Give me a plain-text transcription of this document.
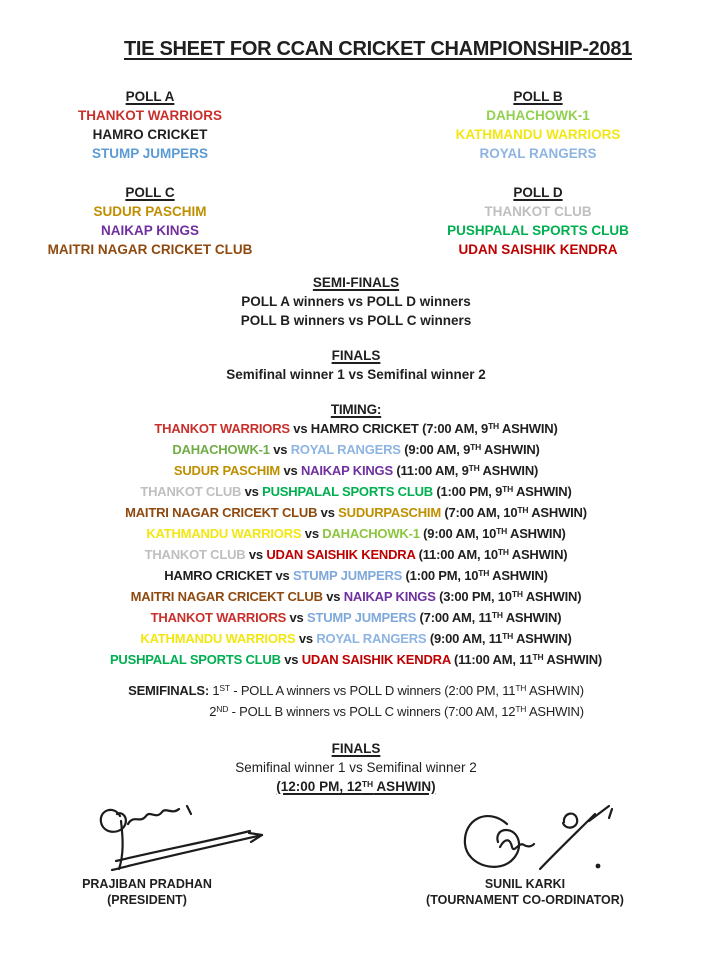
TIE SHEET FOR CCAN CRICKET CHAMPIONSHIP-2081
POLL A
THANKOT WARRIORS
HAMRO CRICKET
STUMP JUMPERS
POLL B
DAHACHOWK-1
KATHMANDU WARRIORS
ROYAL RANGERS
POLL C
SUDUR PASCHIM
NAIKAP KINGS
MAITRI NAGAR CRICKET CLUB
POLL D
THANKOT CLUB
PUSHPALAL SPORTS CLUB
UDAN SAISHIK KENDRA
SEMI-FINALS
POLL A winners vs POLL D winners
POLL B winners vs POLL C winners
FINALS
Semifinal winner 1 vs Semifinal winner 2
TIMING:
THANKOT WARRIORS vs HAMRO CRICKET (7:00 AM, 9TH ASHWIN)
DAHACHOWK-1 vs ROYAL RANGERS (9:00 AM, 9TH ASHWIN)
SUDUR PASCHIM vs NAIKAP KINGS (11:00 AM, 9TH ASHWIN)
THANKOT CLUB vs PUSHPALAL SPORTS CLUB (1:00 PM, 9TH ASHWIN)
MAITRI NAGAR CRICEKT CLUB vs SUDURPASCHIM (7:00 AM, 10TH ASHWIN)
KATHMANDU WARRIORS vs DAHACHOWK-1 (9:00 AM, 10TH ASHWIN)
THANKOT CLUB vs UDAN SAISHIK KENDRA (11:00 AM, 10TH ASHWIN)
HAMRO CRICKET vs STUMP JUMPERS (1:00 PM, 10TH ASHWIN)
MAITRI NAGAR CRICEKT CLUB vs NAIKAP KINGS (3:00 PM, 10TH ASHWIN)
THANKOT WARRIORS vs STUMP JUMPERS (7:00 AM, 11TH ASHWIN)
KATHMANDU WARRIORS vs ROYAL RANGERS (9:00 AM, 11TH ASHWIN)
PUSHPALAL SPORTS CLUB vs UDAN SAISHIK KENDRA (11:00 AM, 11TH ASHWIN)
SEMIFINALS: 1ST - POLL A winners vs POLL D winners (2:00 PM, 11TH ASHWIN)
2ND - POLL B winners vs POLL C winners (7:00 AM, 12TH ASHWIN)
FINALS
Semifinal winner 1 vs Semifinal winner 2
(12:00 PM, 12TH ASHWIN)
PRAJIBAN PRADHAN
(PRESIDENT)
SUNIL KARKI
(TOURNAMENT CO-ORDINATOR)
